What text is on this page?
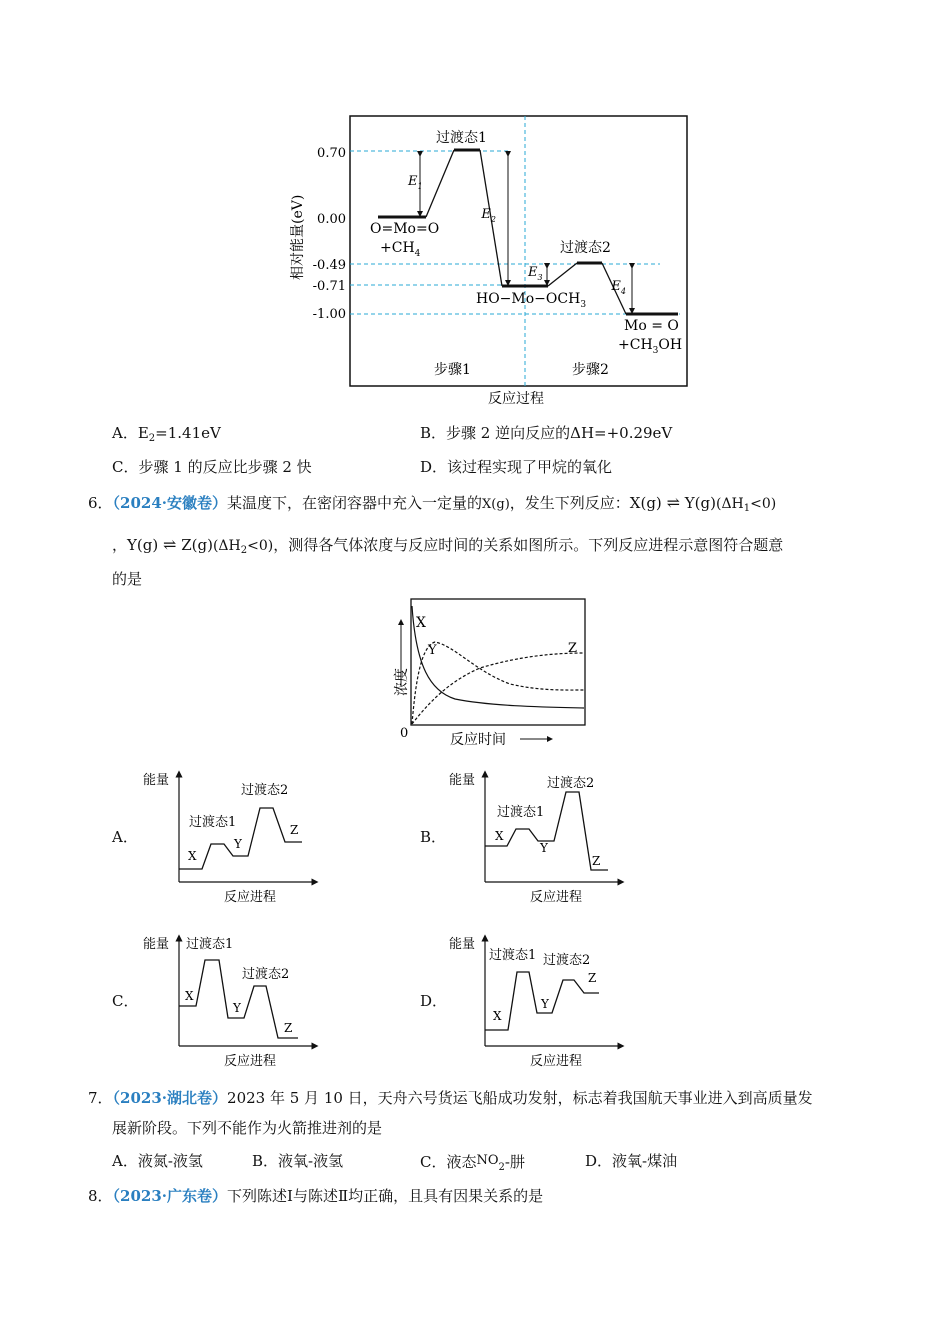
相对能量(eV)
0.70
0.00
-0.49
-0.71
-1.00
过渡态1
过渡态2
$E_1$
$E_2$
$E_3$
$E_4$
O=Mo=O
$+CH_4$
$HO-Mo-OCH_3$
Mo = O
$+CH_3OH$
步骤1	步骤2
反应过程
A．$E_2=1.41eV$	B．步骤 2 逆向反应的ΔH=+0.29eV
C．步骤 1 的反应比步骤 2 快	D．该过程实现了甲烷的氧化
6．（2024·安徽卷）某温度下，在密闭容器中充入一定量的X(g)，发生下列反应：X(g) ⇌ $Y(g)(\Delta H_1<0)$
，Y(g) ⇌ $Z(g)(\Delta H_2<0)$，测得各气体浓度与反应时间的关系如图所示。下列反应进程示意图符合题意
的是
X
Y	Z
浓度
0	反应时间
A．
能量
过渡态1
过渡态2
X
Y
Z
反应进程
B．
能量
过渡态1
过渡态2
X
Y
Z
反应进程
C．
能量 过渡态1
过渡态2
X
Y
Z
反应进程
D．
能量
过渡态1 过渡态2
X
Y
Z
反应进程
7．（2023·湖北卷）2023 年 5 月 10 日，天舟六号货运飞船成功发射，标志着我国航天事业进入到高质量发
展新阶段。下列不能作为火箭推进剂的是
A．液氮-液氢	B．液氧-液氢	C．液态$NO_2-$肼	D．液氧-煤油
8．（2023·广东卷）下列陈述Ⅰ与陈述Ⅱ均正确，且具有因果关系的是
